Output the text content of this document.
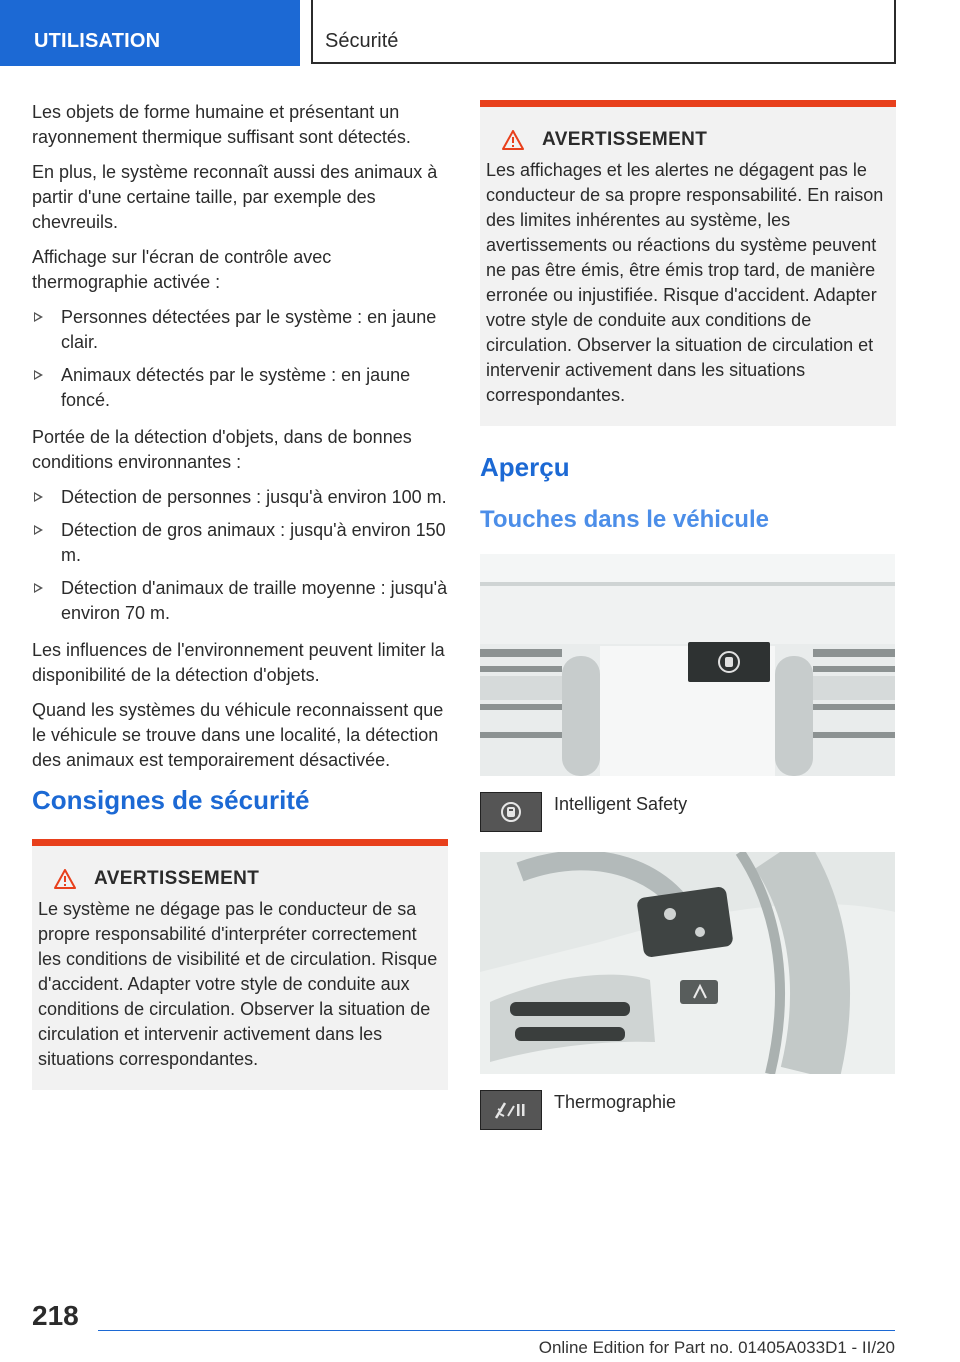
UTILISATION	Sécurité

Les objets de forme humaine et présentant un rayonnement thermique suffisant sont détectés.

En plus, le système reconnaît aussi des animaux à partir d'une certaine taille, par exemple des chevreuils.

Affichage sur l'écran de contrôle avec thermographie activée :

Personnes détectées par le système : en jaune clair.
Animaux détectés par le système : en jaune foncé.

Portée de la détection d'objets, dans de bonnes conditions environnantes :

Détection de personnes : jusqu'à environ 100 m.
Détection de gros animaux : jusqu'à environ 150 m.
Détection d'animaux de traille moyenne : jusqu'à environ 70 m.

Les influences de l'environnement peuvent limiter la disponibilité de la détection d'objets.

Quand les systèmes du véhicule reconnaissent que le véhicule se trouve dans une localité, la détection des animaux est temporairement désactivée.

Consignes de sécurité
AVERTISSEMENT

Le système ne dégage pas le conducteur de sa propre responsabilité d'interpréter correctement les conditions de visibilité et de circulation. Risque d'accident. Adapter votre style de conduite aux conditions de circulation. Observer la situation de circulation et intervenir activement dans les situations correspondantes.

AVERTISSEMENT

Les affichages et les alertes ne dégagent pas le conducteur de sa propre responsabilité. En raison des limites inhérentes au système, les avertissements ou réactions du système peuvent ne pas être émis, être émis trop tard, de manière erronée ou injustifiée. Risque d'accident. Adapter votre style de conduite aux conditions de circulation. Observer la situation de circulation et intervenir activement dans les situations correspondantes.

Aperçu
Touches dans le véhicule
Intelligent Safety
Thermographie
218
Online Edition for Part no. 01405A033D1 - II/20
